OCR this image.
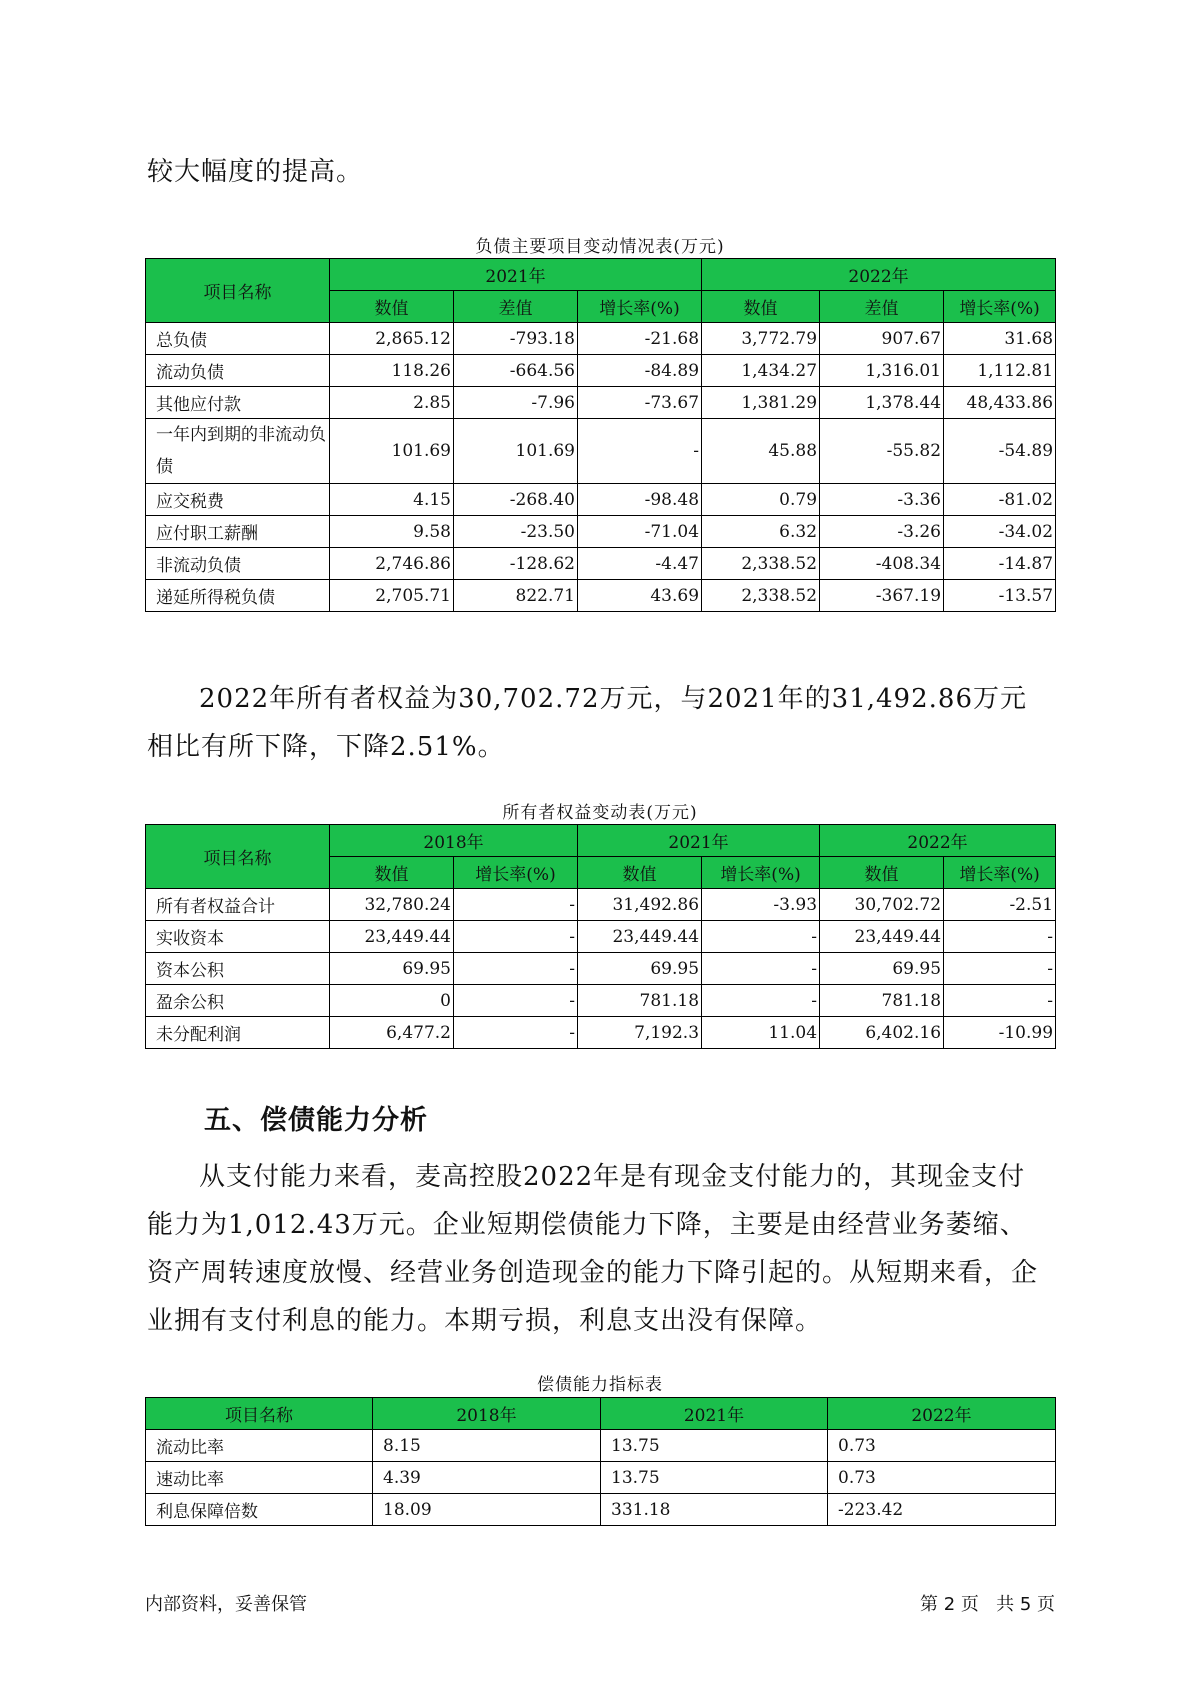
较大幅度的提高。

负债主要项目变动情况表(万元)
项目名称	2021年			2022年		
	数值	差值	增长率(%)	数值	差值	增长率(%)
总负债	2,865.12	-793.18	-21.68	3,772.79	907.67	31.68
流动负债	118.26	-664.56	-84.89	1,434.27	1,316.01	1,112.81
其他应付款	2.85	-7.96	-73.67	1,381.29	1,378.44	48,433.86
一年内到期的非流动负债	101.69	101.69	-	45.88	-55.82	-54.89
应交税费	4.15	-268.40	-98.48	0.79	-3.36	-81.02
应付职工薪酬	9.58	-23.50	-71.04	6.32	-3.26	-34.02
非流动负债	2,746.86	-128.62	-4.47	2,338.52	-408.34	-14.87
递延所得税负债	2,705.71	822.71	43.69	2,338.52	-367.19	-13.57

2022年所有者权益为30,702.72万元，与2021年的31,492.86万元相比有所下降，下降2.51%。

所有者权益变动表(万元)
项目名称	2018年		2021年		2022年	
	数值	增长率(%)	数值	增长率(%)	数值	增长率(%)
所有者权益合计	32,780.24	-	31,492.86	-3.93	30,702.72	-2.51
实收资本	23,449.44	-	23,449.44	-	23,449.44	-
资本公积	69.95	-	69.95	-	69.95	-
盈余公积	0	-	781.18	-	781.18	-
未分配利润	6,477.2	-	7,192.3	11.04	6,402.16	-10.99
五、偿债能力分析

从支付能力来看，麦高控股2022年是有现金支付能力的，其现金支付能力为1,012.43万元。企业短期偿债能力下降，主要是由经营业务萎缩、资产周转速度放慢、经营业务创造现金的能力下降引起的。从短期来看，企业拥有支付利息的能力。本期亏损，利息支出没有保障。

偿债能力指标表
项目名称	2018年	2021年	2022年
流动比率	8.15	13.75	0.73
速动比率	4.39	13.75	0.73
利息保障倍数	18.09	331.18	-223.42
内部资料，妥善保管	第 2 页   共 5 页
